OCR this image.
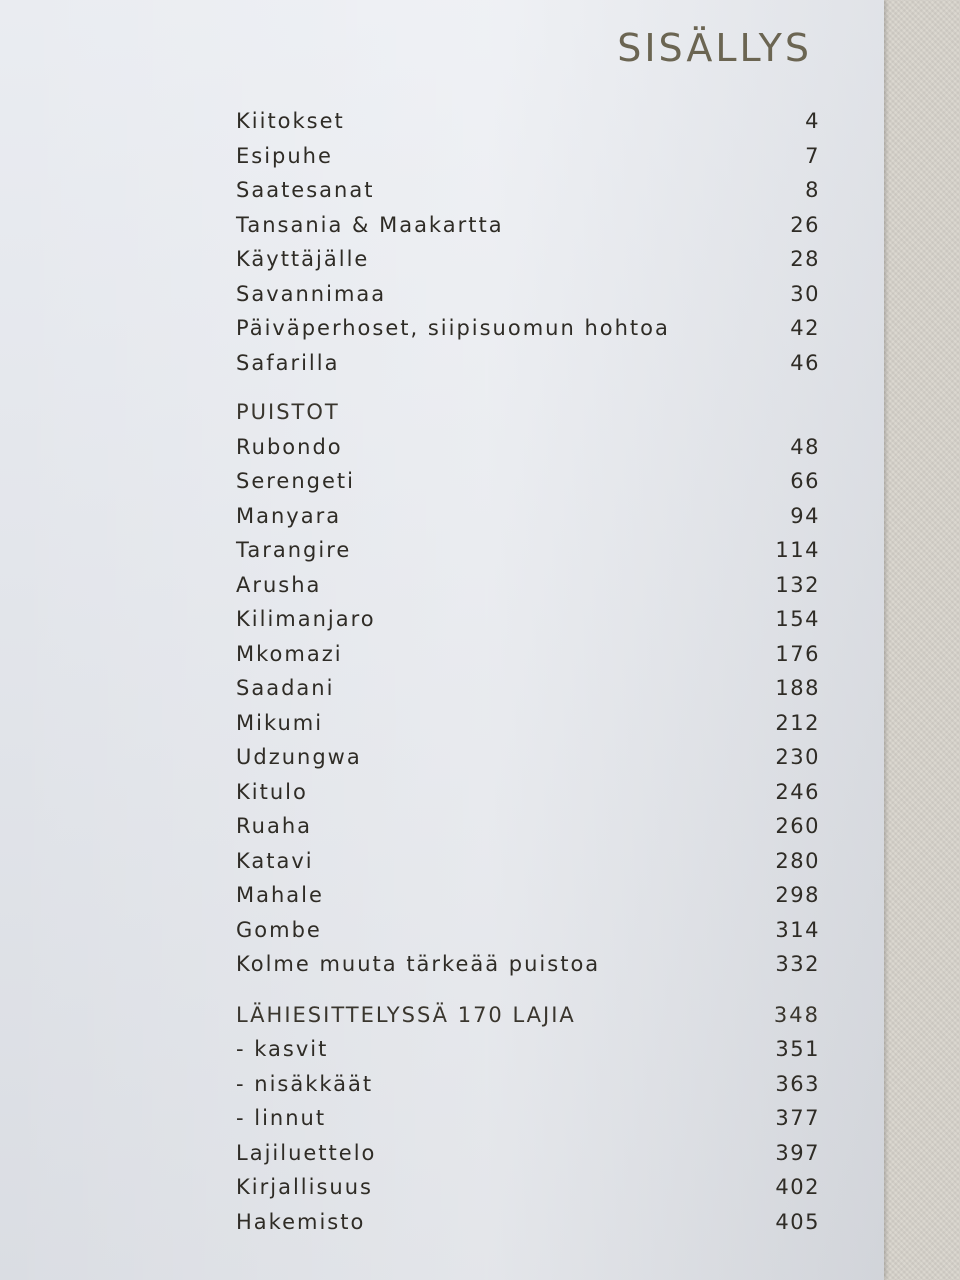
SISÄLLYS
Kiitokset	4
Esipuhe	7
Saatesanat	8
Tansania & Maakartta	26
Käyttäjälle	28
Savannimaa	30
Päiväperhoset, siipisuomun hohtoa	42
Safarilla	46
PUISTOT
Rubondo	48
Serengeti	66
Manyara	94
Tarangire	114
Arusha	132
Kilimanjaro	154
Mkomazi	176
Saadani	188
Mikumi	212
Udzungwa	230
Kitulo	246
Ruaha	260
Katavi	280
Mahale	298
Gombe	314
Kolme muuta tärkeää puistoa	332
LÄHIESITTELYSSÄ 170 LAJIA	348
- kasvit	351
- nisäkkäät	363
- linnut	377
Lajiluettelo	397
Kirjallisuus	402
Hakemisto	405
